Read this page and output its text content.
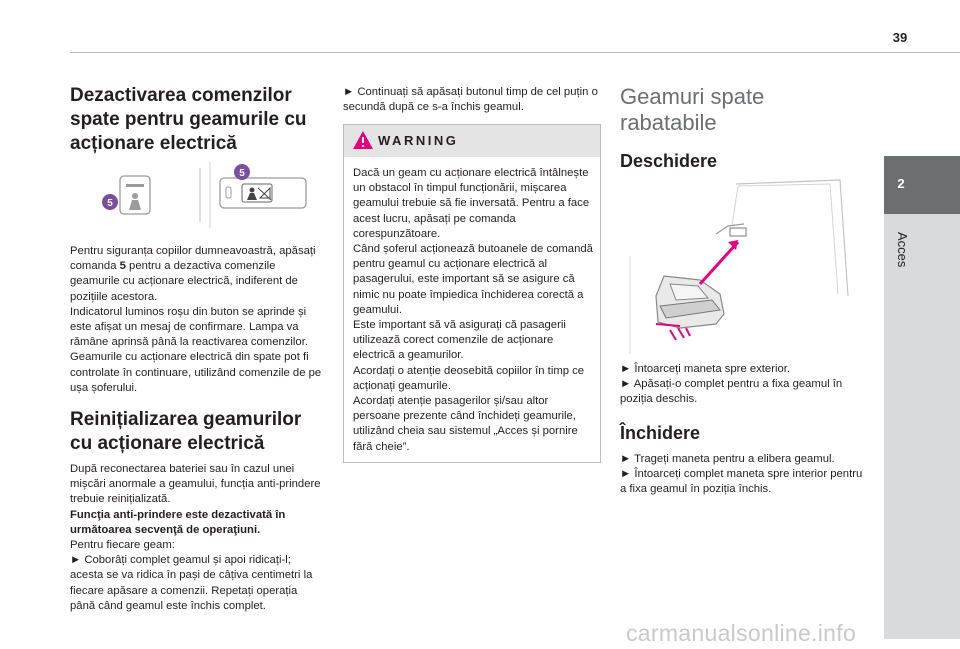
39
2
Acces
Dezactivarea comenzilor spate pentru geamurile cu acționare electrică
5
5

Pentru siguranța copiilor dumneavoastră, apăsați comanda 5 pentru a dezactiva comenzile geamurile cu acționare electrică, indiferent de pozițiile acestora.

Indicatorul luminos roșu din buton se aprinde și este afișat un mesaj de confirmare. Lampa va rămâne aprinsă până la reactivarea comenzilor.

Geamurile cu acționare electrică din spate pot fi controlate în continuare, utilizând comenzile de pe ușa șoferului.

Reinițializarea geamurilor cu acționare electrică

După reconectarea bateriei sau în cazul unei mișcări anormale a geamului, funcția anti-prindere trebuie reinițializată.

Funcţia anti-prindere este dezactivată în următoarea secvenţă de operaţiuni.

Pentru fiecare geam:

► Coborâți complet geamul și apoi ridicați-l; acesta se va ridica în pași de câțiva centimetri la fiecare apăsare a comenzii. Repetați operația până când geamul este închis complet.

► Continuați să apăsați butonul timp de cel puțin o secundă după ce s-a închis geamul.

WARNING

Dacă un geam cu acționare electrică întâlnește un obstacol în timpul funcționării, mișcarea geamului trebuie să fie inversată. Pentru a face acest lucru, apăsați pe comanda corespunzătoare.

Când șoferul acționează butoanele de comandă pentru geamul cu acționare electrică al pasagerului, este important să se asigure că nimic nu poate împiedica închiderea corectă a geamului.

Este important să vă asigurați că pasagerii utilizează corect comenzile de acționare electrică a geamurilor.

Acordați o atenție deosebită copiilor în timp ce acționați geamurile.

Acordați atenție pasagerilor și/sau altor persoane prezente când închideți geamurile, utilizând cheia sau sistemul „Acces și pornire fără cheie”.

Geamuri spate rabatabile
Deschidere

► Întoarceți maneta spre exterior.

► Apăsați-o complet pentru a fixa geamul în poziția deschis.

Închidere

► Trageți maneta pentru a elibera geamul.

► Întoarceți complet maneta spre interior pentru a fixa geamul în poziția închis.

carmanualsonline.info
